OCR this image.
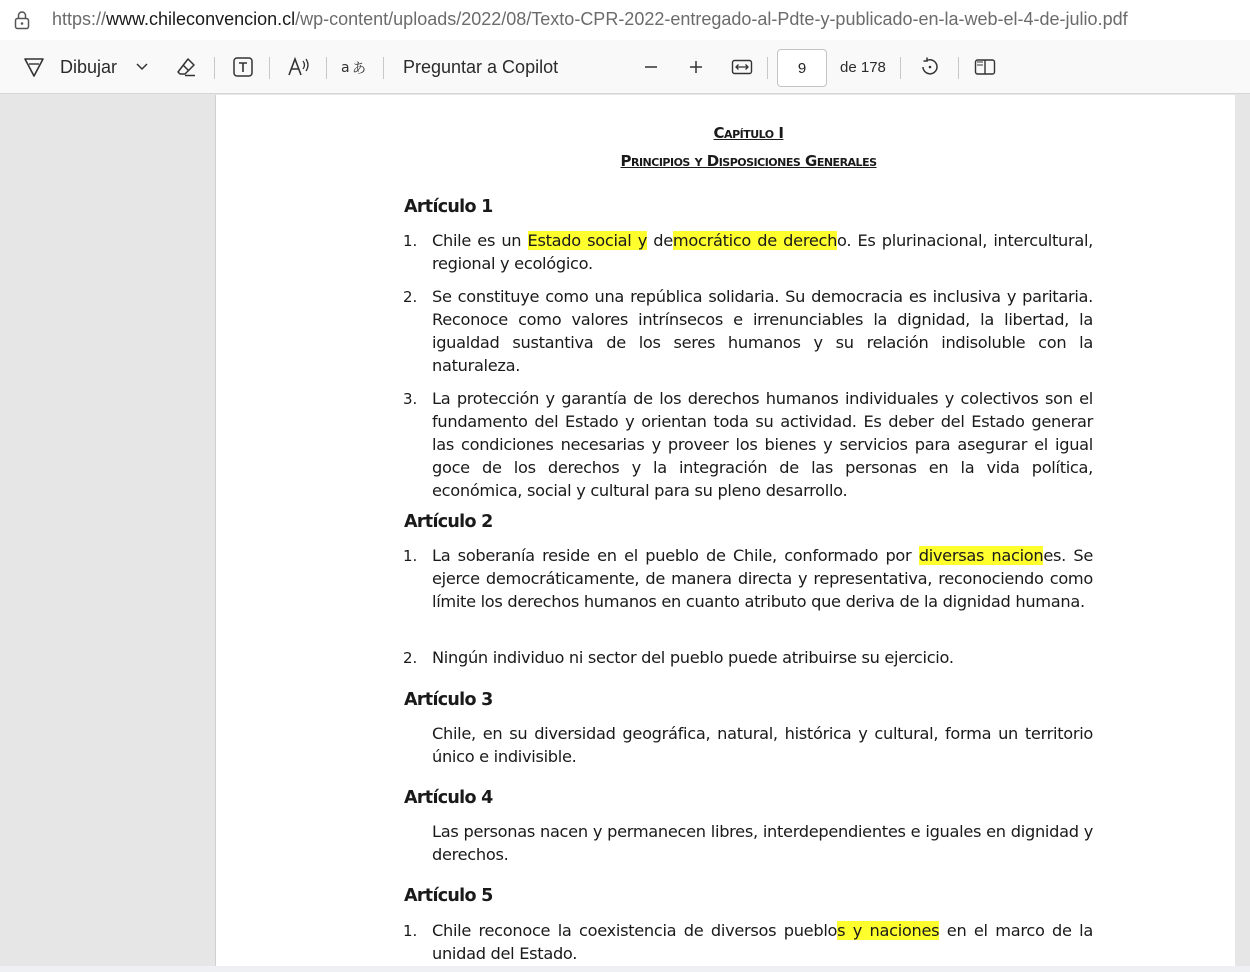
https://www.chileconvencion.cl/wp-content/uploads/2022/08/Texto-CPR-2022-entregado-al-Pdte-y-publicado-en-la-web-el-4-de-julio.pdf
Dibujar	a あ Preguntar a Copilot	de 178
9
Capítulo I
Principios y Disposiciones Generales
Artículo 1
1. Chile es un Estado social y democrático de derecho. Es plurinacional, intercultural, regional y ecológico.
2. Se constituye como una república solidaria. Su democracia es inclusiva y paritaria. Reconoce como valores intrínsecos e irrenunciables la dignidad, la libertad, la igualdad sustantiva de los seres humanos y su relación indisoluble con la naturaleza.
3. La protección y garantía de los derechos humanos individuales y colectivos son el fundamento del Estado y orientan toda su actividad. Es deber del Estado generar las condiciones necesarias y proveer los bienes y servicios para asegurar el igual goce de los derechos y la integración de las personas en la vida política, económica, social y cultural para su pleno desarrollo.
Artículo 2
1. La soberanía reside en el pueblo de Chile, conformado por diversas naciones. Se ejerce democráticamente, de manera directa y representativa, reconociendo como límite los derechos humanos en cuanto atributo que deriva de la dignidad humana.
2. Ningún individuo ni sector del pueblo puede atribuirse su ejercicio.
Artículo 3
Chile, en su diversidad geográfica, natural, histórica y cultural, forma un territorio único e indivisible.
Artículo 4
Las personas nacen y permanecen libres, interdependientes e iguales en dignidad y derechos.
Artículo 5
1. Chile reconoce la coexistencia de diversos pueblos y naciones en el marco de la unidad del Estado.
